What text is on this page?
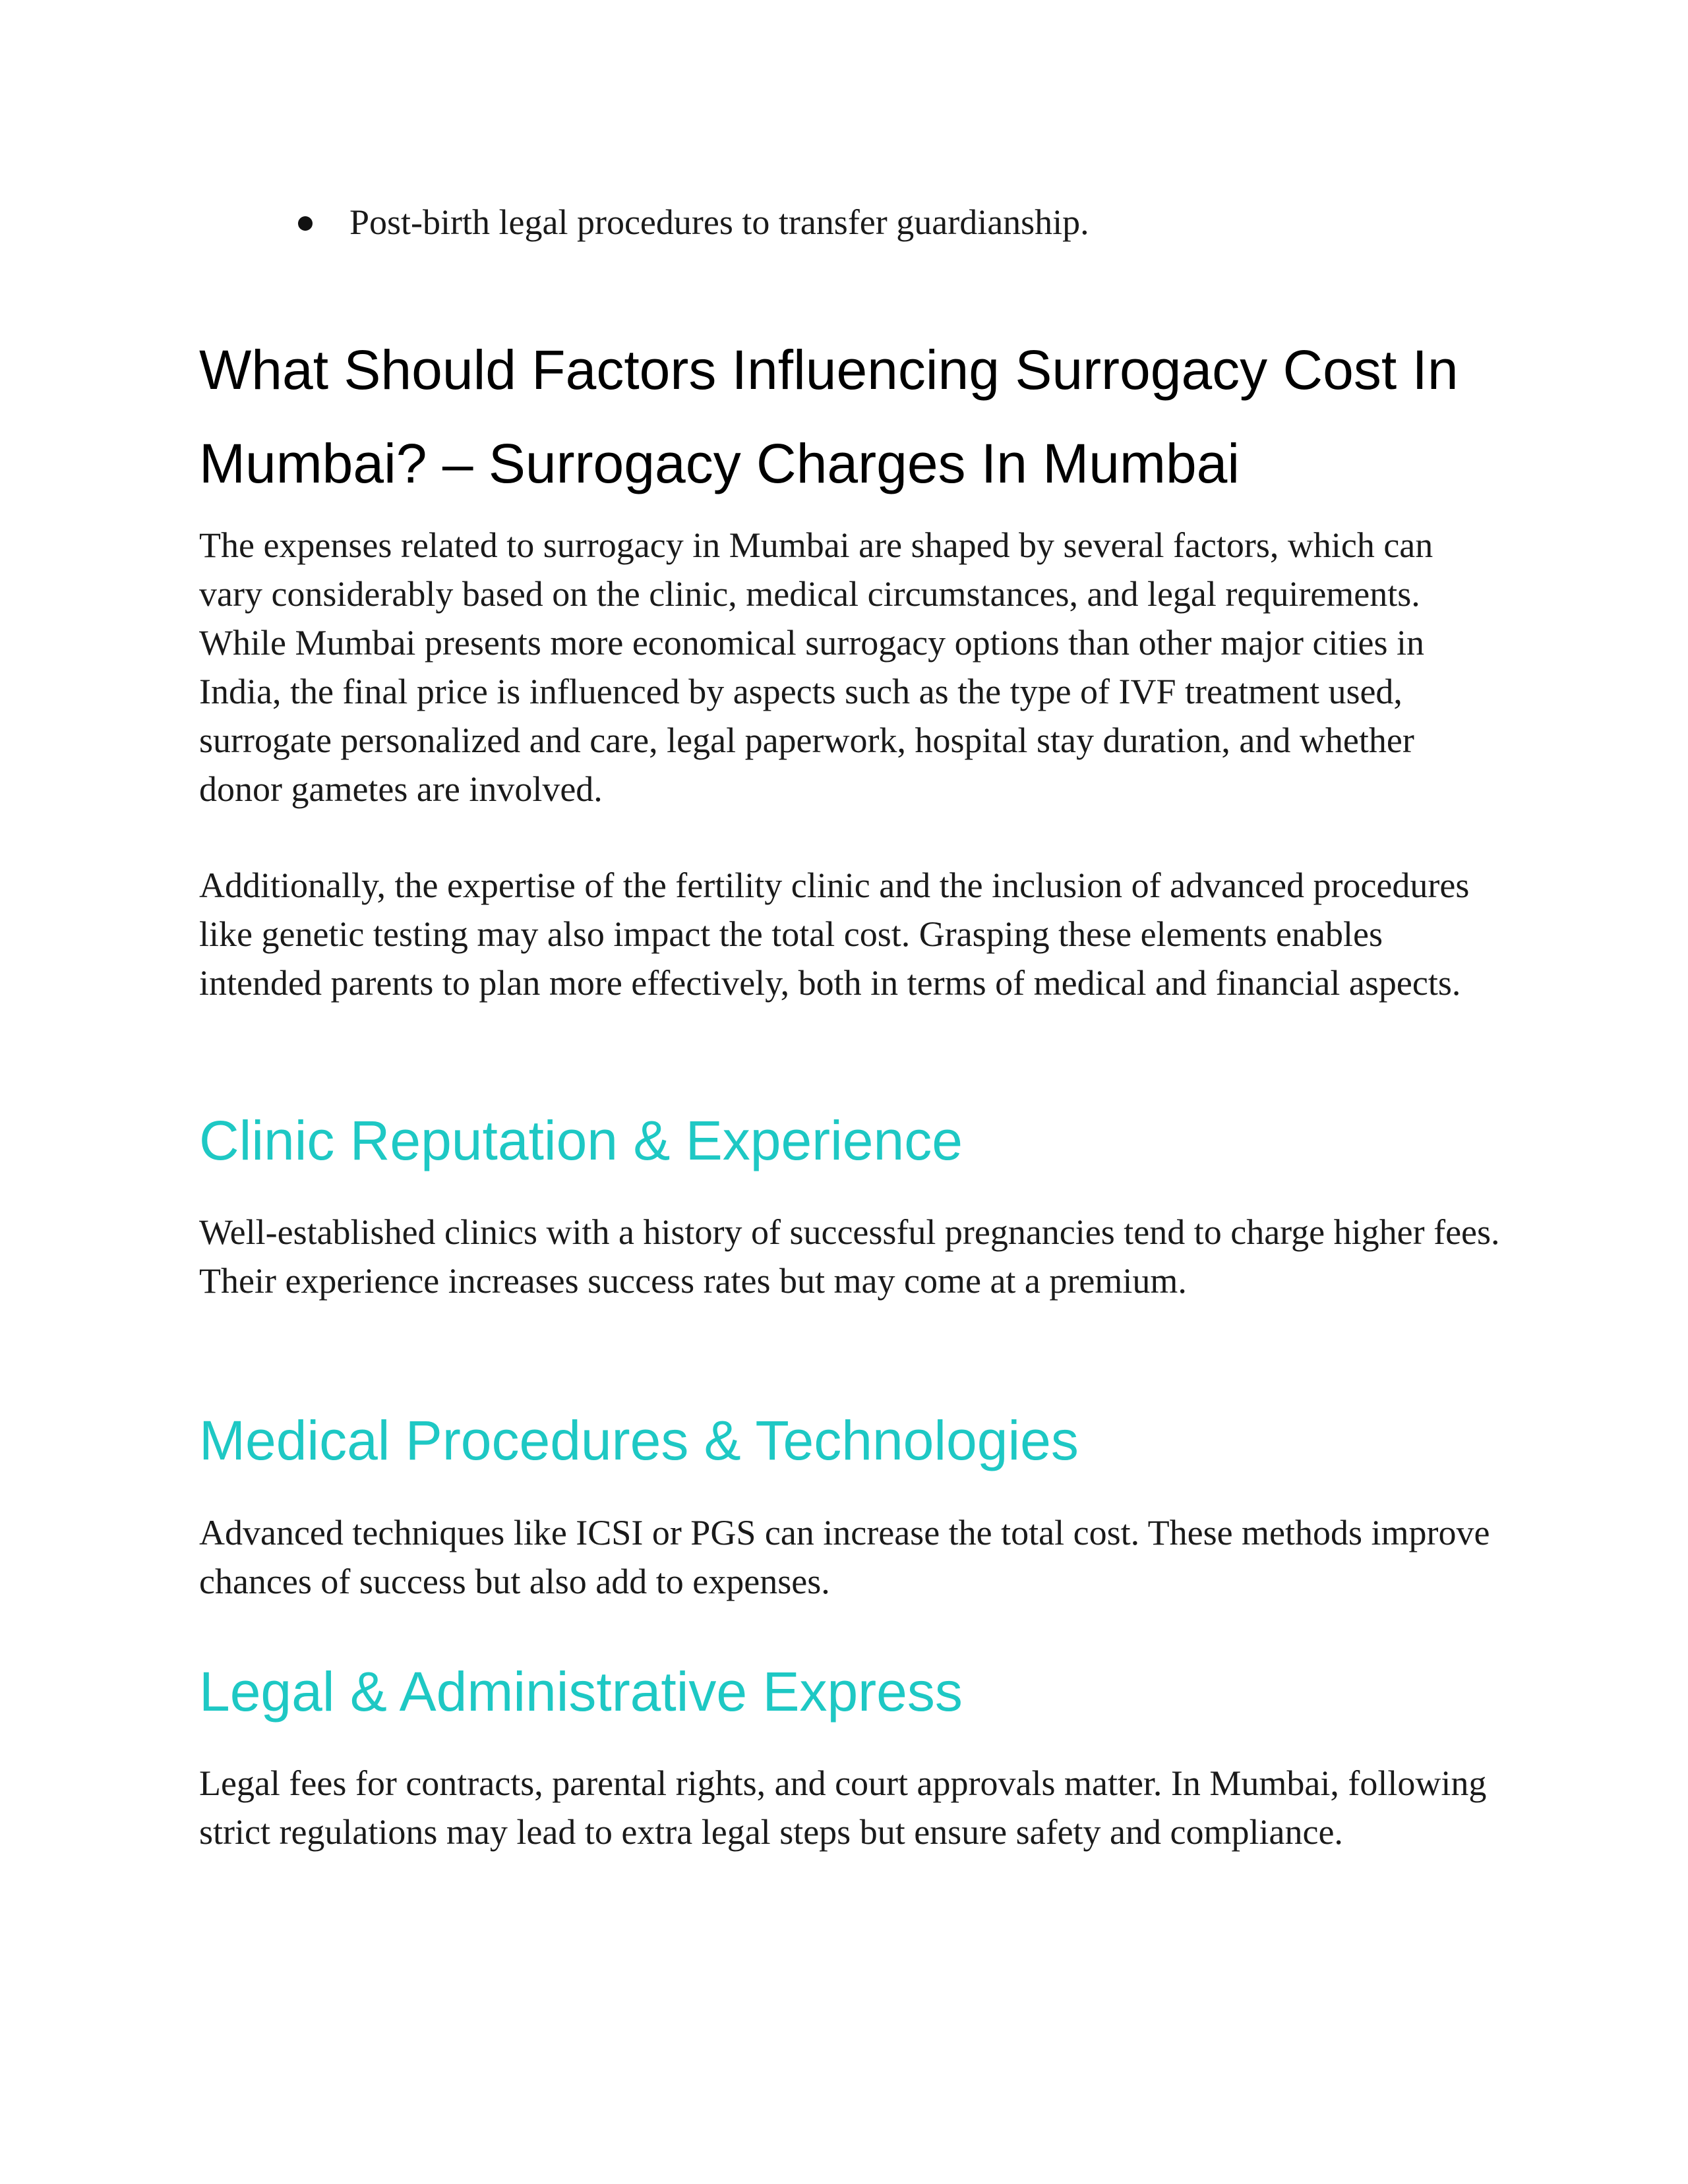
Post-birth legal procedures to transfer guardianship.
What Should Factors Influencing Surrogacy Cost In Mumbai? – Surrogacy Charges In Mumbai

The expenses related to surrogacy in Mumbai are shaped by several factors, which can vary considerably based on the clinic, medical circumstances, and legal requirements. While Mumbai presents more economical surrogacy options than other major cities in India, the final price is influenced by aspects such as the type of IVF treatment used, surrogate personalized and care, legal paperwork, hospital stay duration, and whether donor gametes are involved.

Additionally, the expertise of the fertility clinic and the inclusion of advanced procedures like genetic testing may also impact the total cost. Grasping these elements enables intended parents to plan more effectively, both in terms of medical and financial aspects.

Clinic Reputation & Experience

Well-established clinics with a history of successful pregnancies tend to charge higher fees. Their experience increases success rates but may come at a premium.

Medical Procedures & Technologies

Advanced techniques like ICSI or PGS can increase the total cost. These methods improve chances of success but also add to expenses.

Legal & Administrative Express

Legal fees for contracts, parental rights, and court approvals matter. In Mumbai, following strict regulations may lead to extra legal steps but ensure safety and compliance.
